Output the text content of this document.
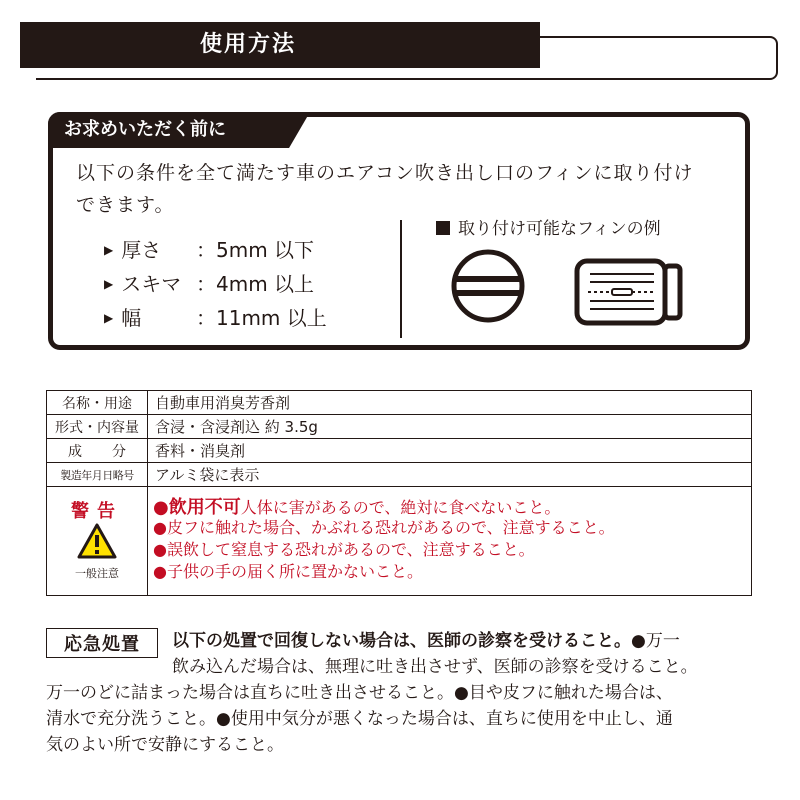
使用方法
お求めいただく前に
以下の条件を全て満たす車のエアコン吹き出し口のフィンに取り付け
できます。
▶ 厚さ ：5mm 以下
▶ スキマ ：4mm 以上
▶ 幅	：11mm 以上
取り付け可能なフィンの例
名称・用途	自動車用消臭芳香剤
形式・内容量	含浸・含浸剤込 約 3.5g
成 分 香料・消臭剤
製造年月日略号	アルミ袋に表示
警告
一般注意
●飲用不可人体に害があるので、絶対に食べないこと。
●皮フに触れた場合、かぶれる恐れがあるので、注意すること。
●誤飲して窒息する恐れがあるので、注意すること。
●子供の手の届く所に置かないこと。
応急処置	以下の処置で回復しない場合は、医師の診察を受けること。●万一
飲み込んだ場合は、無理に吐き出させず、医師の診察を受けること。
万一のどに詰まった場合は直ちに吐き出させること。●目や皮フに触れた場合は、
清水で充分洗うこと。●使用中気分が悪くなった場合は、直ちに使用を中止し、通
気のよい所で安静にすること。
